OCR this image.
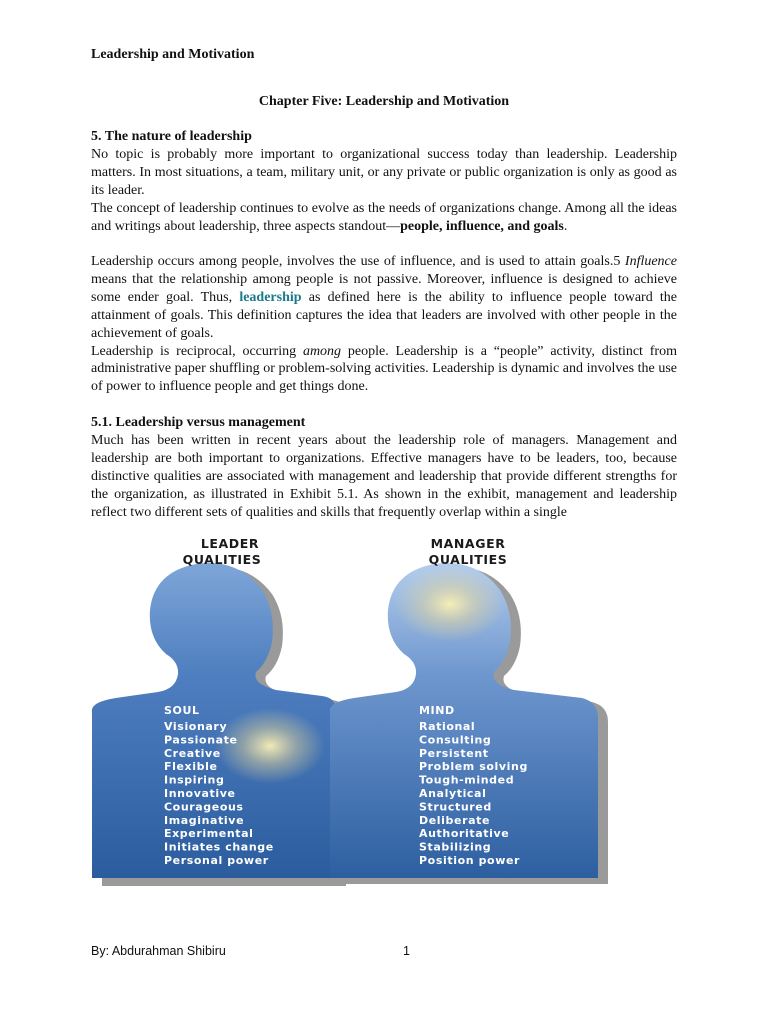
Leadership and Motivation
Chapter Five: Leadership and Motivation

5. The nature of leadership

No topic is probably more important to organizational success today than leadership. Leadership matters. In most situations, a team, military unit, or any private or public organization is only as good as its leader.

The concept of leadership continues to evolve as the needs of organizations change. Among all the ideas and writings about leadership, three aspects standout—people, influence, and goals.

Leadership occurs among people, involves the use of influence, and is used to attain goals.5 Influence means that the relationship among people is not passive. Moreover, influence is designed to achieve some ender goal. Thus, leadership as defined here is the ability to influence people toward the attainment of goals. This definition captures the idea that leaders are involved with other people in the achievement of goals.

Leadership is reciprocal, occurring among people. Leadership is a “people” activity, distinct from administrative paper shuffling or problem-solving activities. Leadership is dynamic and involves the use of power to influence people and get things done.

5.1. Leadership versus management

Much has been written in recent years about the leadership role of managers. Management and leadership are both important to organizations. Effective managers have to be leaders, too, because distinctive qualities are associated with management and leadership that provide different strengths for the organization, as illustrated in Exhibit 5.1. As shown in the exhibit, management and leadership reflect two different sets of qualities and skills that frequently overlap within a single

LEADER
QUALITIES
MANAGER
QUALITIES
SOUL	MIND
Visionary
Passionate
Creative
Flexible
Inspiring
Innovative
Courageous
Imaginative
Experimental
Initiates change
Personal power
Rational
Consulting
Persistent
Problem solving
Tough-minded
Analytical
Structured
Deliberate
Authoritative
Stabilizing
Position power
By: Abdurahman Shibiru	1
